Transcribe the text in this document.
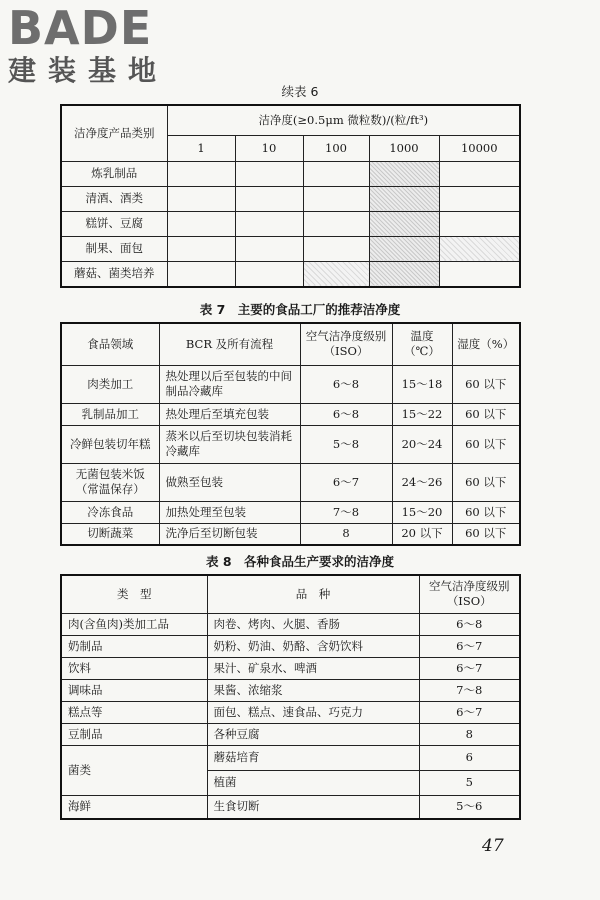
BADE
建装基地
续表 6
洁净度产品类别	洁净度(≥0.5μm 微粒数)/(粒/ft³)				
	1	10	100	1000	10000
炼乳制品					
清酒、酒类					
糕饼、豆腐					
制果、面包					
蘑菇、菌类培养					
表 7　主要的食品工厂的推荐洁净度
食品领域	BCR 及所有流程	空气洁净度级别（ISO）	温度（℃）	湿度（%）
肉类加工	热处理以后至包装的中间制品冷藏库	6～8	15～18	60 以下
乳制品加工	热处理后至填充包装	6～8	15～22	60 以下
冷鲜包装切年糕	蒸米以后至切块包装消耗冷藏库	5～8	20～24	60 以下
无菌包装米饭（常温保存）	做熟至包装	6～7	24～26	60 以下
冷冻食品	加热处理至包装	7～8	15～20	60 以下
切断蔬菜	洗净后至切断包装	8	20 以下	60 以下
表 8　各种食品生产要求的洁净度
类　型	品　种	空气洁净度级别（ISO）
肉(含鱼肉)类加工品	肉卷、烤肉、火腿、香肠	6～8
奶制品	奶粉、奶油、奶酪、含奶饮料	6～7
饮料	果汁、矿泉水、啤酒	6～7
调味品	果酱、浓缩浆	7～8
糕点等	面包、糕点、速食品、巧克力	6～7
豆制品	各种豆腐	8
菌类	蘑菇培育	6
	植菌	5
海鲜	生食切断	5～6
47
